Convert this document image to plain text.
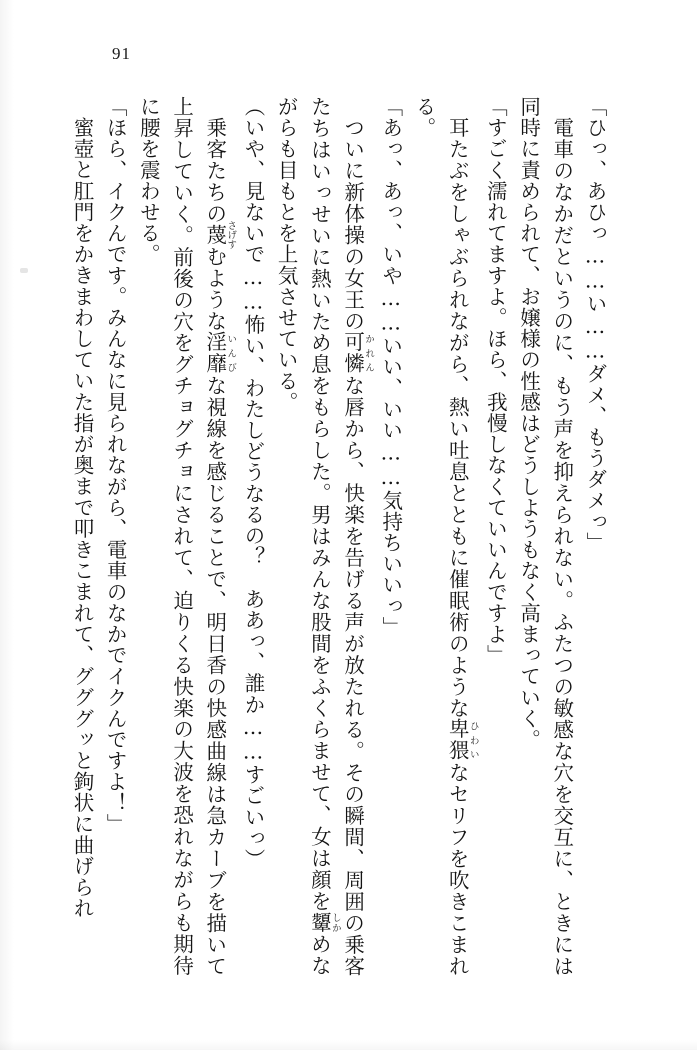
91

「ひっ、あひっ……い……ダメ、もうダメっ」

電車のなかだというのに、もう声を抑えられない。ふたつの敏感な穴を交互に、ときには同時に責められて、お嬢様の性感はどうしようもなく高まっていく。

「すごく濡れてますよ。ほら、我慢しなくていいんですよ」

耳たぶをしゃぶられながら、熱い吐息とともに催眠術のような卑猥ひわいなセリフを吹きこまれる。

「あっ、あっ、いや……いい、いい……気持ちいいっ」

ついに新体操の女王の可憐かれんな唇から、快楽を告げる声が放たれる。その瞬間、周囲の乗客たちはいっせいに熱いため息をもらした。男はみんな股間をふくらませて、女は顔を顰しかめながらも目もとを上気させている。

（いや、見ないで……怖い、わたしどうなるの？　ああっ、誰か……すごいっ）

乗客たちの蔑さげすむような淫靡いんびな視線を感じることで、明日香の快感曲線は急カーブを描いて上昇していく。前後の穴をグチョグチョにされて、迫りくる快楽の大波を恐れながらも期待に腰を震わせる。

「ほら、イクんです。みんなに見られながら、電車のなかでイクんですよ！」

蜜壺と肛門をかきまわしていた指が奥まで叩きこまれて、グググッと鉤状に曲げられ
